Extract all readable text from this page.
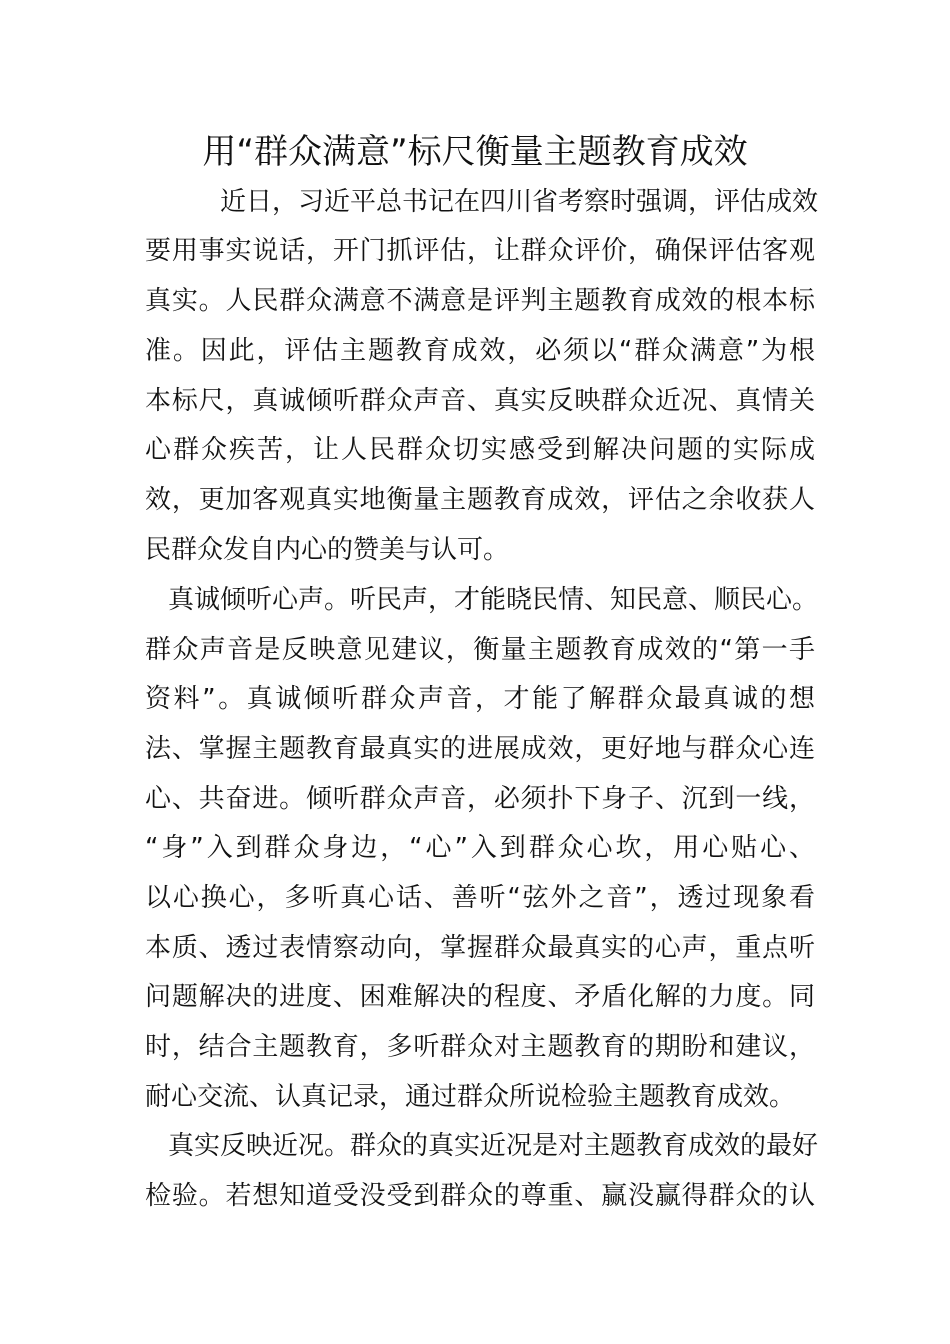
用“群众满意”标尺衡量主题教育成效

近日，习近平总书记在四川省考察时强调，评估成效

要用事实说话，开门抓评估，让群众评价，确保评估客观

真实。人民群众满意不满意是评判主题教育成效的根本标

准。因此，评估主题教育成效，必须以“群众满意”为根

本标尺，真诚倾听群众声音、真实反映群众近况、真情关

心群众疾苦，让人民群众切实感受到解决问题的实际成

效，更加客观真实地衡量主题教育成效，评估之余收获人

民群众发自内心的赞美与认可。

真诚倾听心声。听民声，才能晓民情、知民意、顺民心。

群众声音是反映意见建议，衡量主题教育成效的“第一手

资料”。真诚倾听群众声音，才能了解群众最真诚的想

法、掌握主题教育最真实的进展成效，更好地与群众心连

心、共奋进。倾听群众声音，必须扑下身子、沉到一线，

“身”入到群众身边，“心”入到群众心坎，用心贴心、

以心换心，多听真心话、善听“弦外之音”，透过现象看

本质、透过表情察动向，掌握群众最真实的心声，重点听

问题解决的进度、困难解决的程度、矛盾化解的力度。同

时，结合主题教育，多听群众对主题教育的期盼和建议，

耐心交流、认真记录，通过群众所说检验主题教育成效。

真实反映近况。群众的真实近况是对主题教育成效的最好

检验。若想知道受没受到群众的尊重、赢没赢得群众的认
